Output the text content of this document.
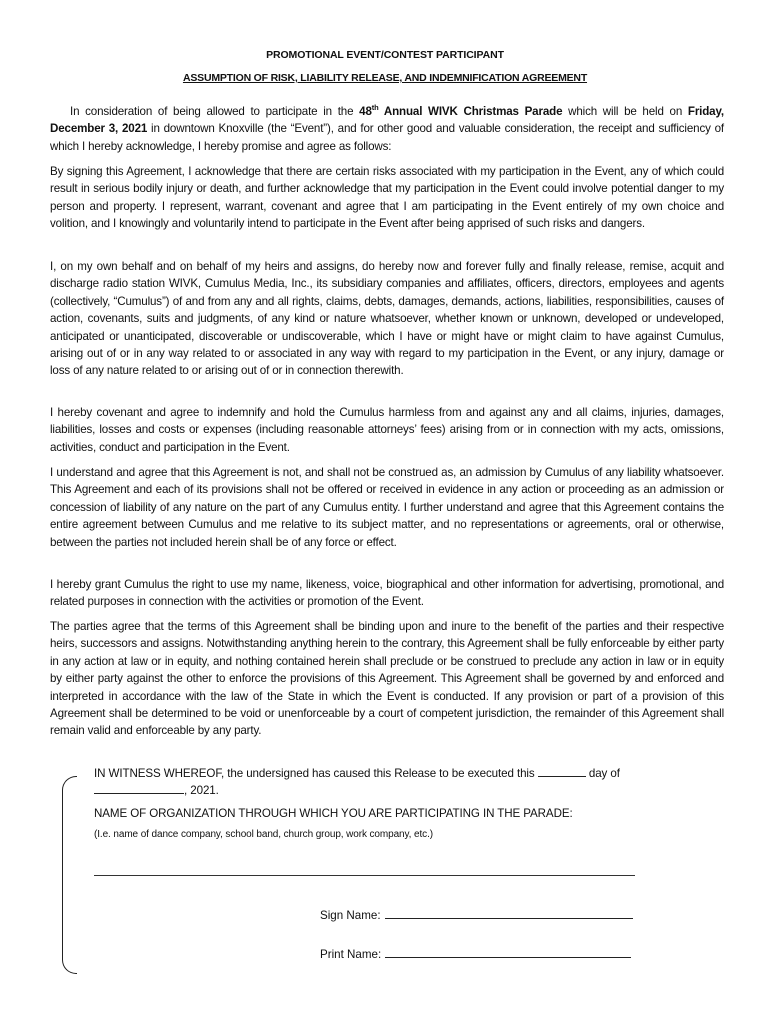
PROMOTIONAL EVENT/CONTEST PARTICIPANT
ASSUMPTION OF RISK, LIABILITY RELEASE, AND INDEMNIFICATION AGREEMENT
In consideration of being allowed to participate in the 48th Annual WIVK Christmas Parade which will be held on Friday, December 3, 2021 in downtown Knoxville (the “Event”), and for other good and valuable consideration, the receipt and sufficiency of which I hereby acknowledge, I hereby promise and agree as follows:
By signing this Agreement, I acknowledge that there are certain risks associated with my participation in the Event, any of which could result in serious bodily injury or death, and further acknowledge that my participation in the Event could involve potential danger to my person and property. I represent, warrant, covenant and agree that I am participating in the Event entirely of my own choice and volition, and I knowingly and voluntarily intend to participate in the Event after being apprised of such risks and dangers.
I, on my own behalf and on behalf of my heirs and assigns, do hereby now and forever fully and finally release, remise, acquit and discharge radio station WIVK, Cumulus Media, Inc., its subsidiary companies and affiliates, officers, directors, employees and agents (collectively, “Cumulus”) of and from any and all rights, claims, debts, damages, demands, actions, liabilities, responsibilities, causes of action, covenants, suits and judgments, of any kind or nature whatsoever, whether known or unknown, developed or undeveloped, anticipated or unanticipated, discoverable or undiscoverable, which I have or might have or might claim to have against Cumulus, arising out of or in any way related to or associated in any way with regard to my participation in the Event, or any injury, damage or loss of any nature related to or arising out of or in connection therewith.
I hereby covenant and agree to indemnify and hold the Cumulus harmless from and against any and all claims, injuries, damages, liabilities, losses and costs or expenses (including reasonable attorneys’ fees) arising from or in connection with my acts, omissions, activities, conduct and participation in the Event.
I understand and agree that this Agreement is not, and shall not be construed as, an admission by Cumulus of any liability whatsoever. This Agreement and each of its provisions shall not be offered or received in evidence in any action or proceeding as an admission or concession of liability of any nature on the part of any Cumulus entity. I further understand and agree that this Agreement contains the entire agreement between Cumulus and me relative to its subject matter, and no representations or agreements, oral or otherwise, between the parties not included herein shall be of any force or effect.
I hereby grant Cumulus the right to use my name, likeness, voice, biographical and other information for advertising, promotional, and related purposes in connection with the activities or promotion of the Event.
The parties agree that the terms of this Agreement shall be binding upon and inure to the benefit of the parties and their respective heirs, successors and assigns. Notwithstanding anything herein to the contrary, this Agreement shall be fully enforceable by either party in any action at law or in equity, and nothing contained herein shall preclude or be construed to preclude any action in law or in equity by either party against the other to enforce the provisions of this Agreement. This Agreement shall be governed by and enforced and interpreted in accordance with the law of the State in which the Event is conducted. If any provision or part of a provision of this Agreement shall be determined to be void or unenforceable by a court of competent jurisdiction, the remainder of this Agreement shall remain valid and enforceable by any party.
IN WITNESS WHEREOF, the undersigned has caused this Release to be executed this	day of
, 2021.
NAME OF ORGANIZATION THROUGH WHICH YOU ARE PARTICIPATING IN THE PARADE:
(I.e. name of dance company, school band, church group, work company, etc.)
Sign Name:
Print Name:
